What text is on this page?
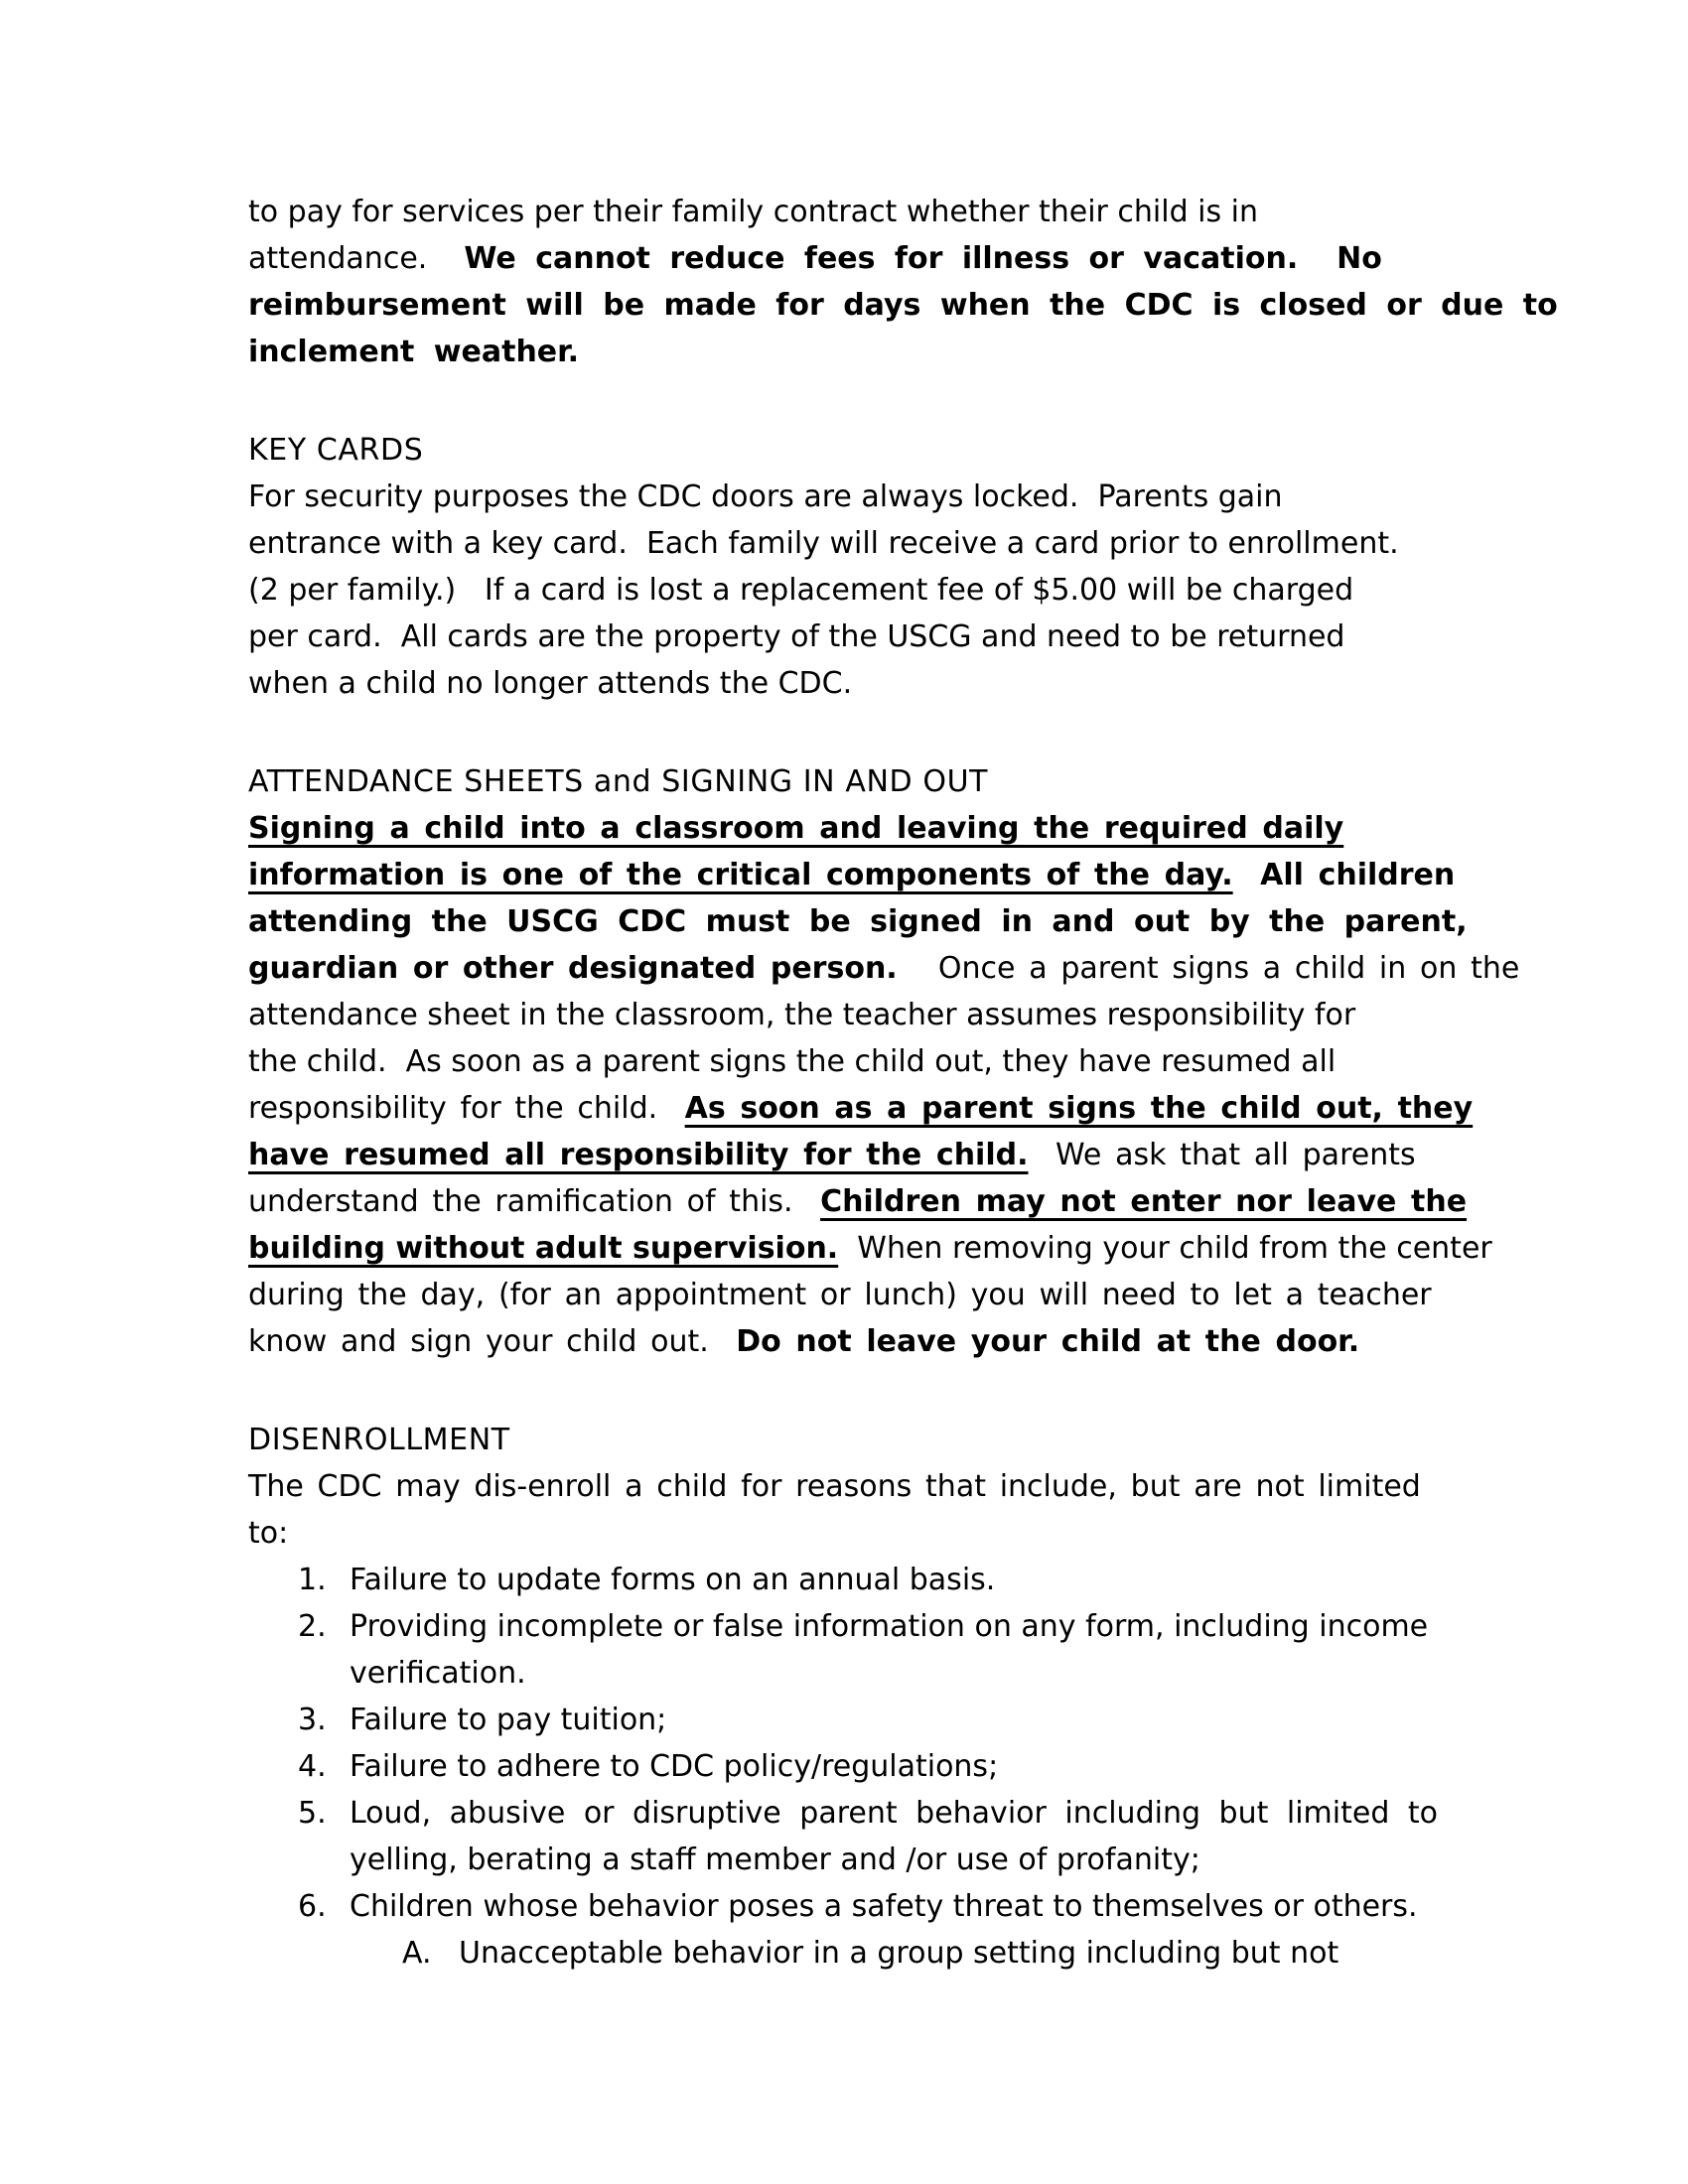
to pay for services per their family contract whether their child is in
attendance.  We cannot reduce fees for illness or vacation.  No
reimbursement will be made for days when the CDC is closed or due to
inclement weather.
KEY CARDS
For security purposes the CDC doors are always locked.  Parents gain
entrance with a key card.  Each family will receive a card prior to enrollment.
(2 per family.)   If a card is lost a replacement fee of $5.00 will be charged
per card.  All cards are the property of the USCG and need to be returned
when a child no longer attends the CDC.
ATTENDANCE SHEETS and SIGNING IN AND OUT
Signing a child into a classroom and leaving the required daily
information is one of the critical components of the day. All children
attending the USCG CDC must be signed in and out by the parent,
guardian or other designated person.   Once a parent signs a child in on the
attendance sheet in the classroom, the teacher assumes responsibility for
the child.  As soon as a parent signs the child out, they have resumed all
responsibility for the child.  As soon as a parent signs the child out, they
have resumed all responsibility for the child.  We ask that all parents
understand the ramification of this.  Children may not enter nor leave the
building without adult supervision.  When removing your child from the center
during the day, (for an appointment or lunch) you will need to let a teacher
know and sign your child out.  Do not leave your child at the door.
DISENROLLMENT
The CDC may dis-enroll a child for reasons that include, but are not limited
to:
1. Failure to update forms on an annual basis.
2. Providing incomplete or false information on any form, including income
verification.
3. Failure to pay tuition;
4. Failure to adhere to CDC policy/regulations;
5. Loud, abusive or disruptive parent behavior including but limited to
yelling, berating a staff member and /or use of profanity;
6. Children whose behavior poses a safety threat to themselves or others.
A. Unacceptable behavior in a group setting including but not
